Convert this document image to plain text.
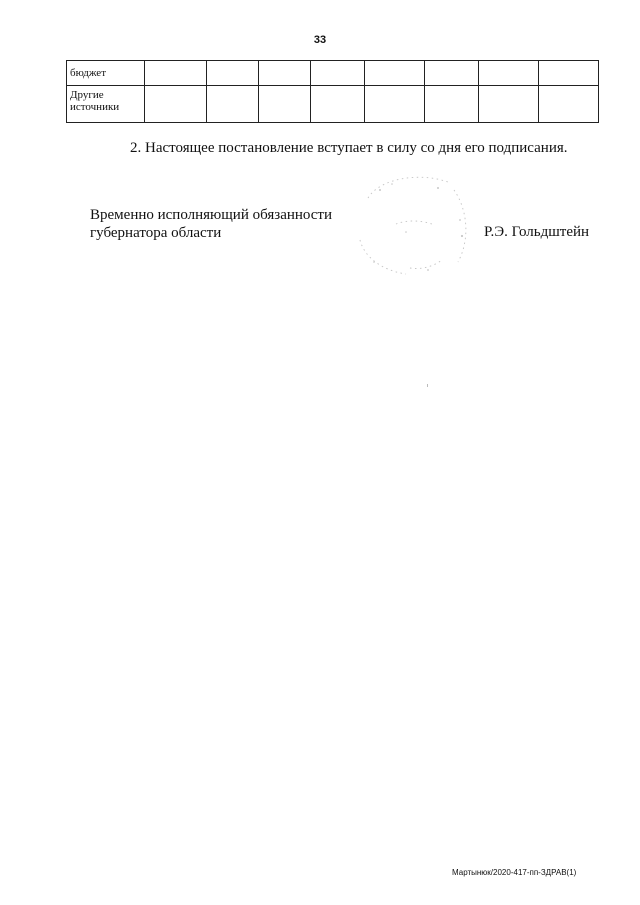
33
бюджет								
Другие источники								
2. Настоящее постановление вступает в силу со дня его подписания.
Временно исполняющий обязанности
губернатора области	Р.Э. Гольдштейн
Мартынюк/2020-417-пп-ЗДРАВ(1)
